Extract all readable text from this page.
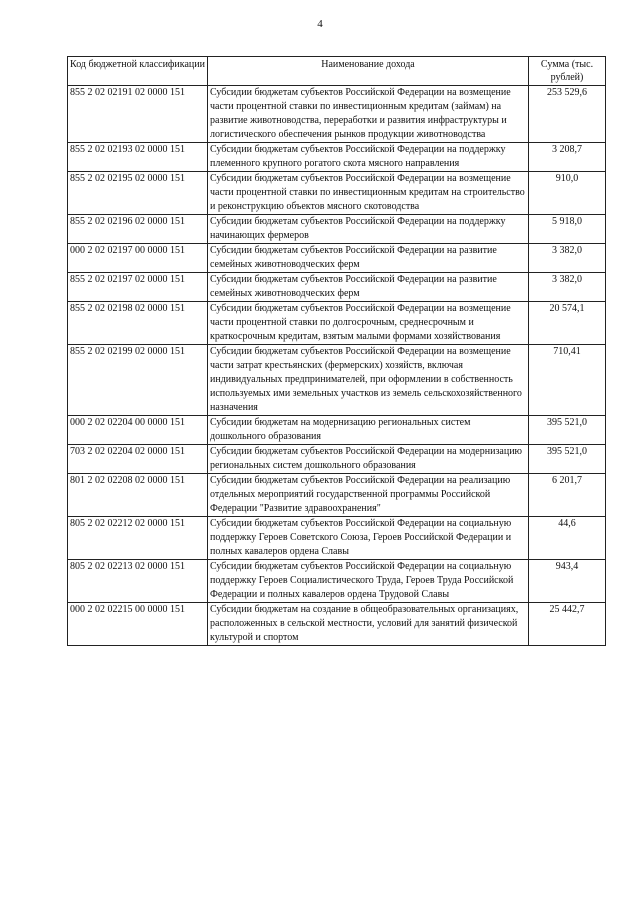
4
Код бюджетной классификации	Наименование дохода	Сумма (тыс. рублей)
855 2 02 02191 02 0000 151	Субсидии бюджетам субъектов Российской Федерации на возмещение части процентной ставки по инвестиционным кредитам (займам) на развитие животноводства, переработки и развития инфраструктуры и логистического обеспечения рынков продукции животноводства	253 529,6
855 2 02 02193 02 0000 151	Субсидии бюджетам субъектов Российской Федерации на поддержку племенного крупного рогатого скота мясного направления	3 208,7
855 2 02 02195 02 0000 151	Субсидии бюджетам субъектов Российской Федерации на возмещение части процентной ставки по инвестиционным кредитам на строительство и реконструкцию объектов мясного скотоводства	910,0
855 2 02 02196 02 0000 151	Субсидии бюджетам субъектов Российской Федерации на поддержку начинающих фермеров	5 918,0
000 2 02 02197 00 0000 151	Субсидии бюджетам субъектов Российской Федерации на развитие семейных животноводческих ферм	3 382,0
855 2 02 02197 02 0000 151	Субсидии бюджетам субъектов Российской Федерации на развитие семейных животноводческих ферм	3 382,0
855 2 02 02198 02 0000 151	Субсидии бюджетам субъектов Российской Федерации на возмещение части процентной ставки по долгосрочным, среднесрочным и краткосрочным кредитам, взятым малыми формами хозяйствования	20 574,1
855 2 02 02199 02 0000 151	Субсидии бюджетам субъектов Российской Федерации на возмещение части затрат крестьянских (фермерских) хозяйств, включая индивидуальных предпринимателей, при оформлении в собственность используемых ими земельных участков из земель сельскохозяйственного назначения	710,41
000 2 02 02204 00 0000 151	Субсидии бюджетам на модернизацию региональных систем дошкольного образования	395 521,0
703 2 02 02204 02 0000 151	Субсидии бюджетам субъектов Российской Федерации на модернизацию региональных систем дошкольного образования	395 521,0
801 2 02 02208 02 0000 151	Субсидии бюджетам субъектов Российской Федерации на реализацию отдельных мероприятий государственной программы Российской Федерации "Развитие здравоохранения"	6 201,7
805 2 02 02212 02 0000 151	Субсидии бюджетам субъектов Российской Федерации на социальную поддержку Героев Советского Союза, Героев Российской Федерации и полных кавалеров ордена Славы	44,6
805 2 02 02213 02 0000 151	Субсидии бюджетам субъектов Российской Федерации на социальную поддержку Героев Социалистического Труда, Героев Труда Российской Федерации и полных кавалеров ордена Трудовой Славы	943,4
000 2 02 02215 00 0000 151	Субсидии бюджетам на создание в общеобразовательных организациях, расположенных в сельской местности, условий для занятий физической культурой и спортом	25 442,7
